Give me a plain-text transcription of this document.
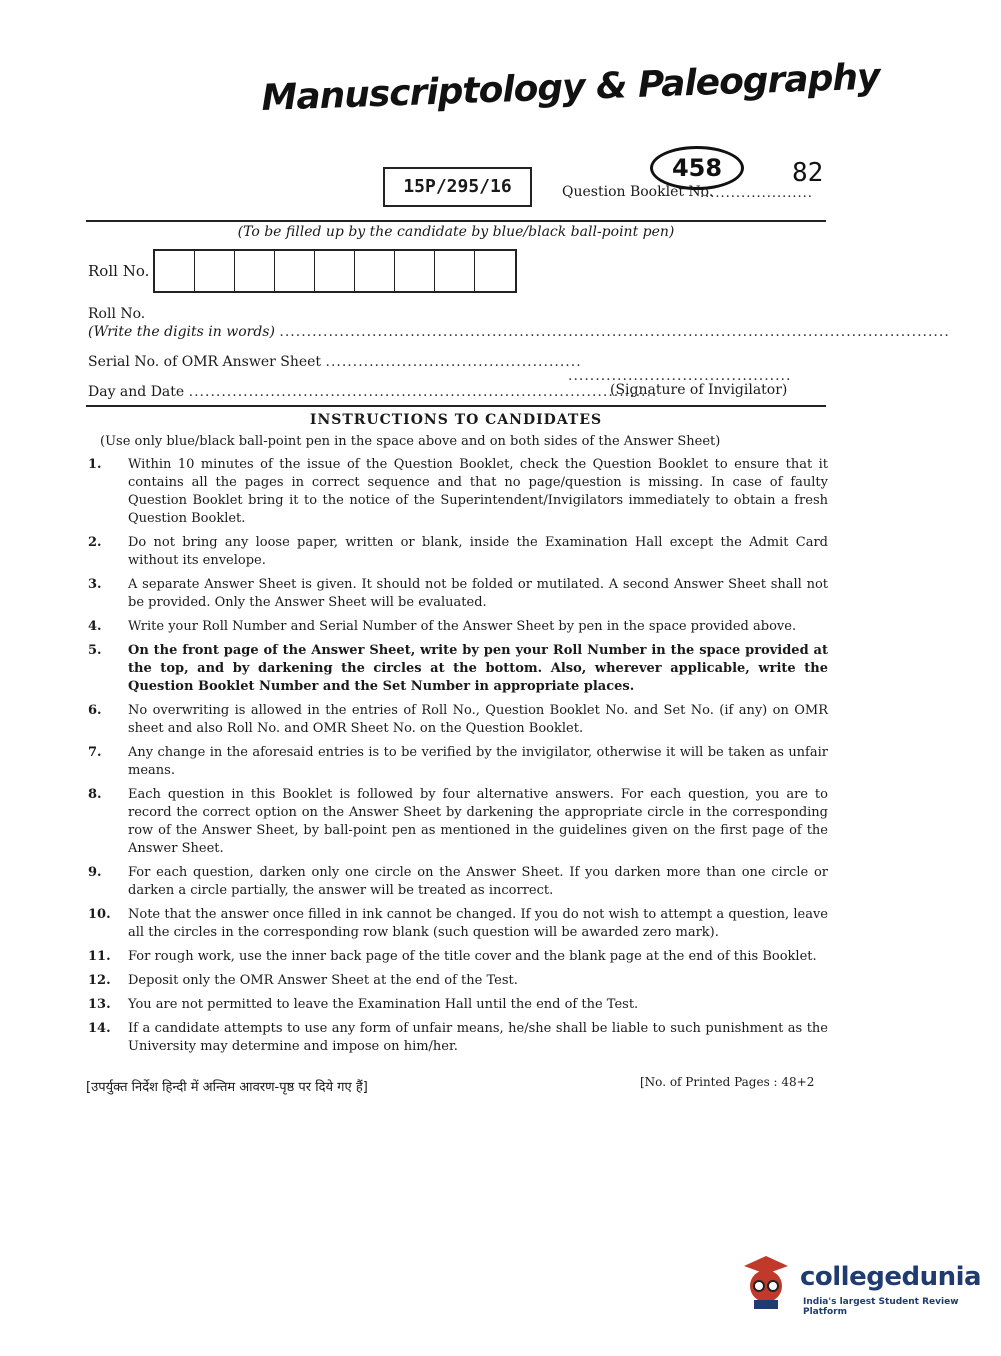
Manuscriptology & Paleography
458	82
15P/295/16	Question Booklet No.
......................
(To be filled up by the candidate by blue/black ball-point pen)
Roll No.
Roll No.
(Write the digits in words) ...........................................................................................................................
Serial No. of OMR Answer Sheet ...............................................
.........................................
Day and Date ......................................................................................
(Signature of Invigilator)
INSTRUCTIONS TO CANDIDATES
(Use only blue/black ball-point pen in the space above and on both sides of the Answer Sheet)
1.	Within 10 minutes of the issue of the Question Booklet, check the Question Booklet to ensure that it contains all the pages in correct sequence and that no page/question is missing. In case of faulty Question Booklet bring it to the notice of the Superintendent/Invigilators immediately to obtain a fresh Question Booklet.
2.	Do not bring any loose paper, written or blank, inside the Examination Hall except the Admit Card without its envelope.
3.	A separate Answer Sheet is given. It should not be folded or mutilated. A second Answer Sheet shall not be provided. Only the Answer Sheet will be evaluated.
4.	Write your Roll Number and Serial Number of the Answer Sheet by pen in the space provided above.
5.	On the front page of the Answer Sheet, write by pen your Roll Number in the space provided at the top, and by darkening the circles at the bottom. Also, wherever applicable, write the Question Booklet Number and the Set Number in appropriate places.
6.	No overwriting is allowed in the entries of Roll No., Question Booklet No. and Set No. (if any) on OMR sheet and also Roll No. and OMR Sheet No. on the Question Booklet.
7.	Any change in the aforesaid entries is to be verified by the invigilator, otherwise it will be taken as unfair means.
8.	Each question in this Booklet is followed by four alternative answers. For each question, you are to record the correct option on the Answer Sheet by darkening the appropriate circle in the corresponding row of the Answer Sheet, by ball-point pen as mentioned in the guidelines given on the first page of the Answer Sheet.
9.	For each question, darken only one circle on the Answer Sheet. If you darken more than one circle or darken a circle partially, the answer will be treated as incorrect.
10.	Note that the answer once filled in ink cannot be changed. If you do not wish to attempt a question, leave all the circles in the corresponding row blank (such question will be awarded zero mark).
11.	For rough work, use the inner back page of the title cover and the blank page at the end of this Booklet.
12.	Deposit only the OMR Answer Sheet at the end of the Test.
13.	You are not permitted to leave the Examination Hall until the end of the Test.
14.	If a candidate attempts to use any form of unfair means, he/she shall be liable to such punishment as the University may determine and impose on him/her.
[उपर्युक्त निर्देश हिन्दी में अन्तिम आवरण-पृष्ठ पर दिये गए हैं]	[No. of Printed Pages : 48+2
collegedunia
India's largest Student Review Platform
